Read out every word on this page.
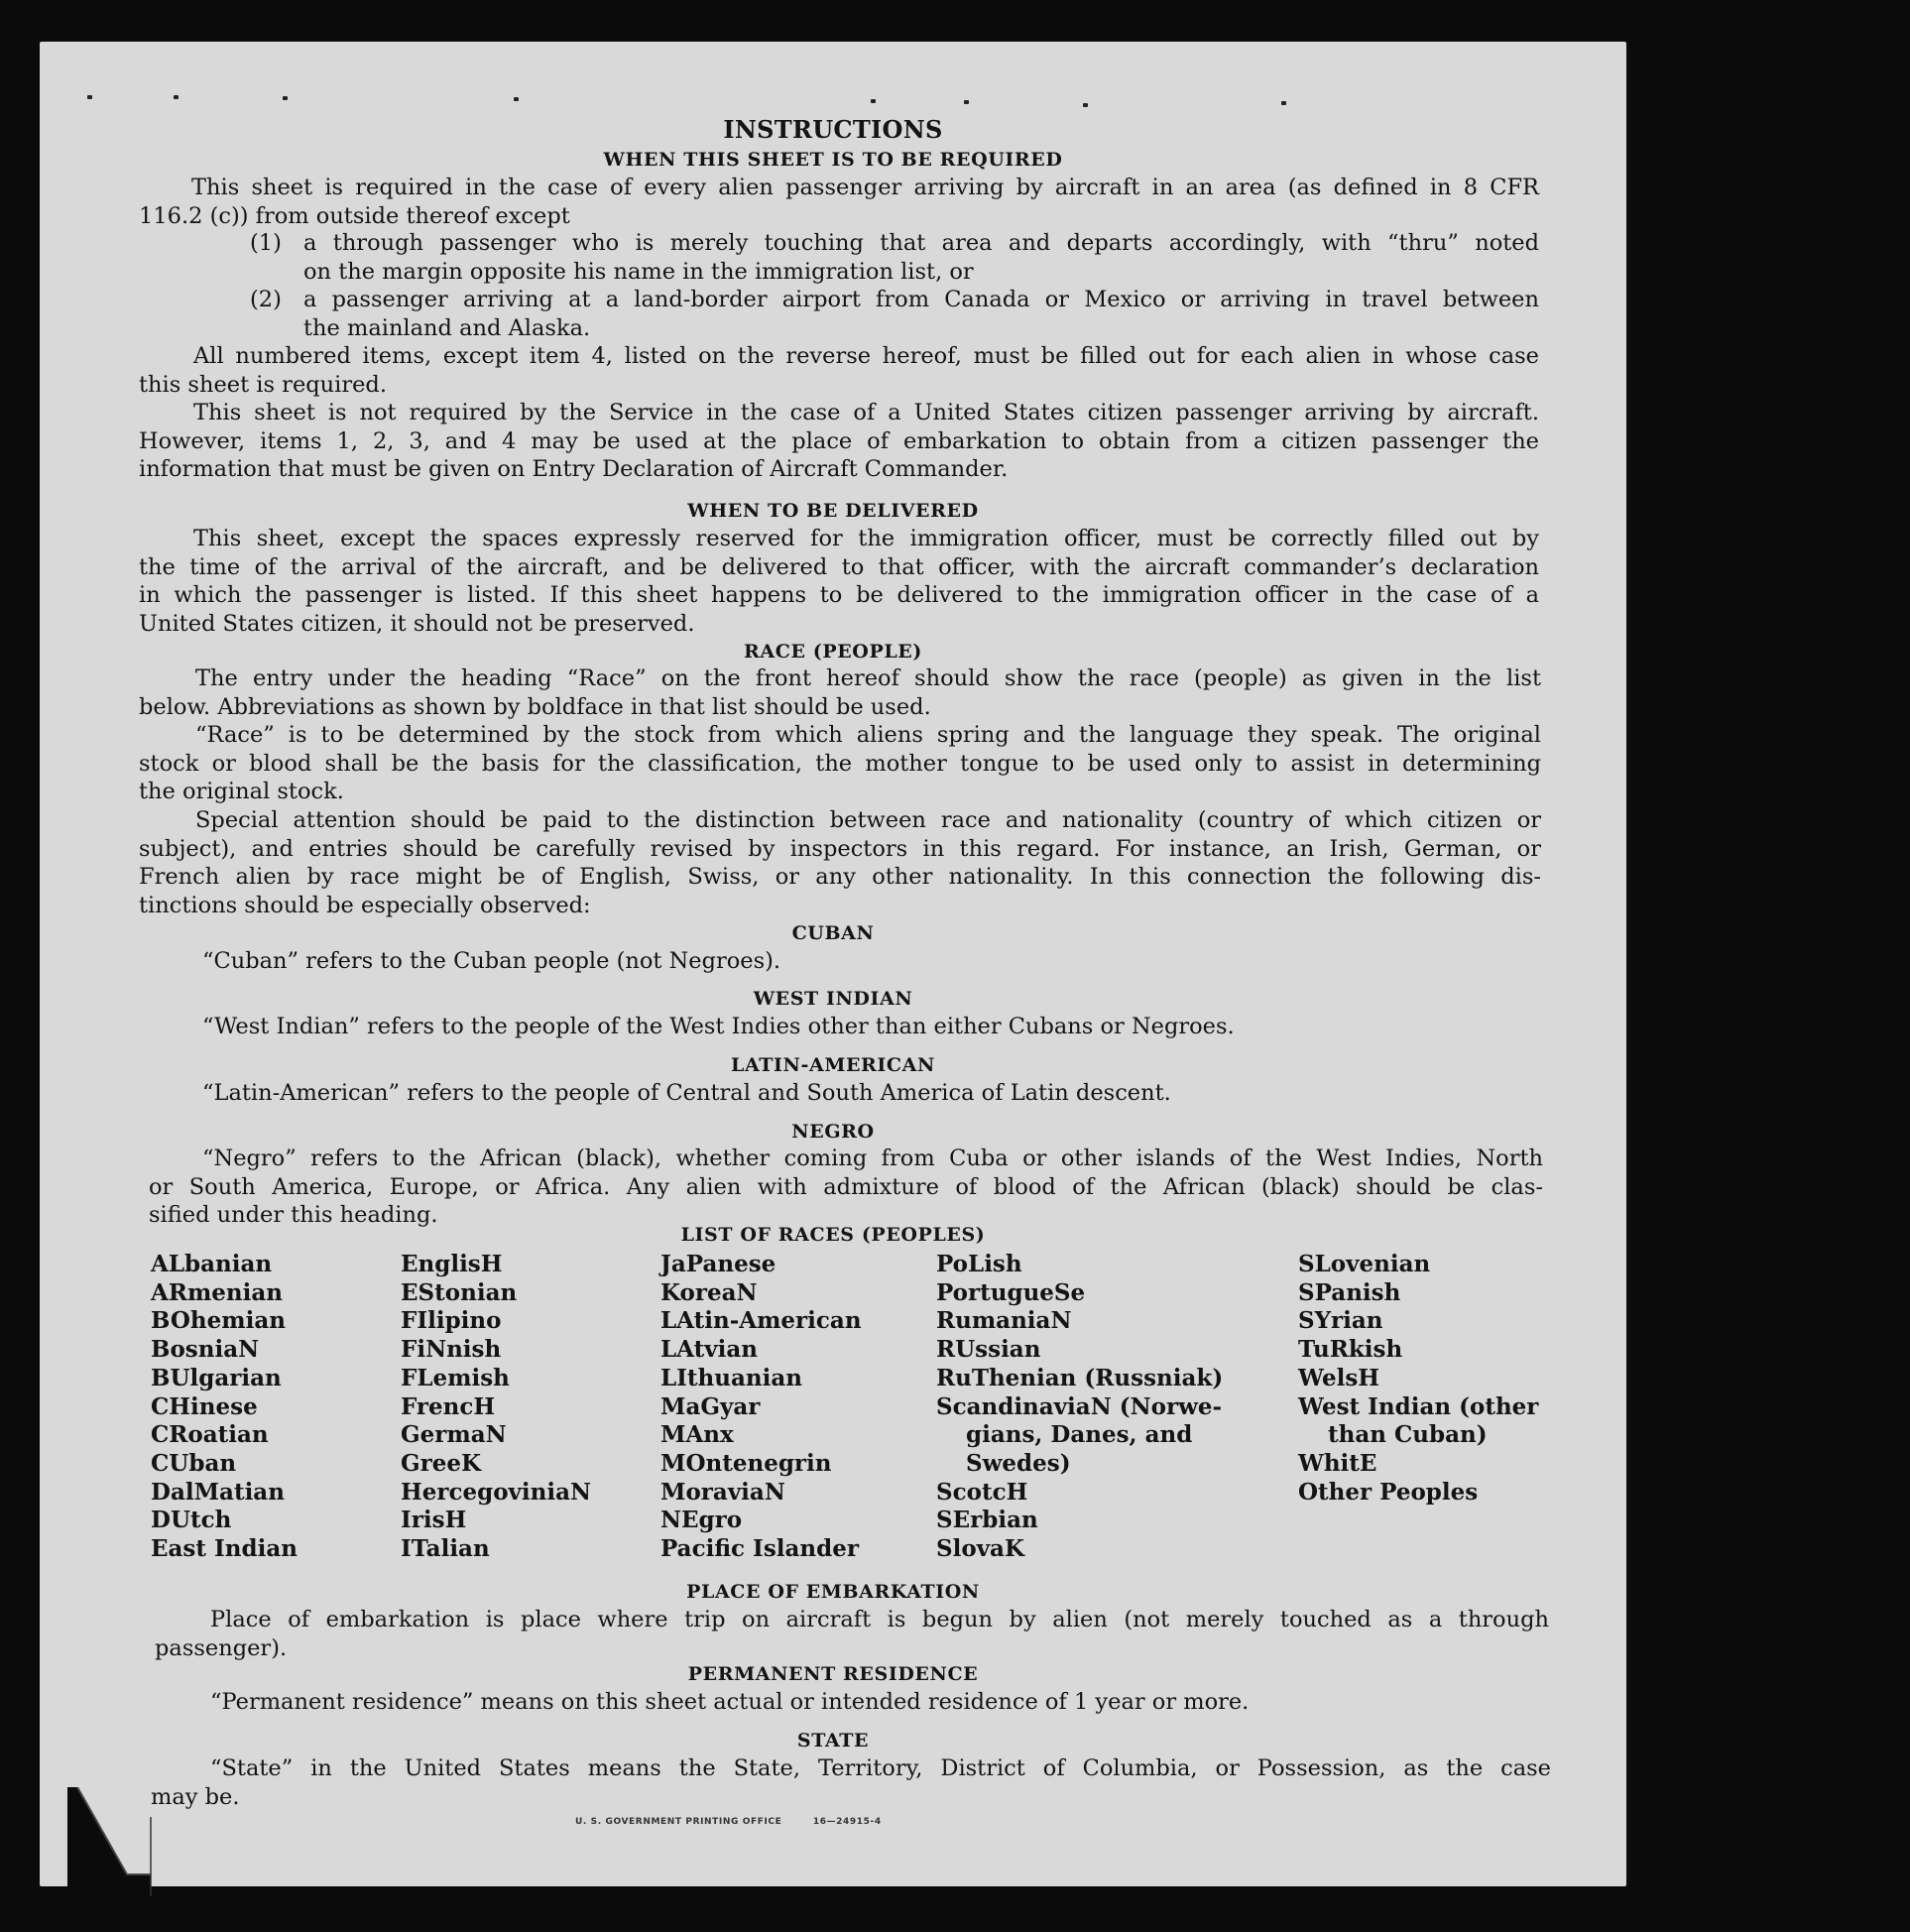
INSTRUCTIONS
WHEN THIS SHEET IS TO BE REQUIRED
This sheet is required in the case of every alien passenger arriving by aircraft in an area (as defined in 8 CFR
116.2 (c)) from outside thereof except
(1) a through passenger who is merely touching that area and departs accordingly, with “thru” noted
on the margin opposite his name in the immigration list, or
(2) a passenger arriving at a land-border airport from Canada or Mexico or arriving in travel between
the mainland and Alaska.
All numbered items, except item 4, listed on the reverse hereof, must be filled out for each alien in whose case
this sheet is required.
This sheet is not required by the Service in the case of a United States citizen passenger arriving by aircraft.
However, items 1, 2, 3, and 4 may be used at the place of embarkation to obtain from a citizen passenger the
information that must be given on Entry Declaration of Aircraft Commander.
WHEN TO BE DELIVERED
This sheet, except the spaces expressly reserved for the immigration officer, must be correctly filled out by
the time of the arrival of the aircraft, and be delivered to that officer, with the aircraft commander’s declaration
in which the passenger is listed. If this sheet happens to be delivered to the immigration officer in the case of a
United States citizen, it should not be preserved.
RACE (PEOPLE)
The entry under the heading “Race” on the front hereof should show the race (people) as given in the list
below. Abbreviations as shown by boldface in that list should be used.
“Race” is to be determined by the stock from which aliens spring and the language they speak. The original
stock or blood shall be the basis for the classification, the mother tongue to be used only to assist in determining
the original stock.
Special attention should be paid to the distinction between race and nationality (country of which citizen or
subject), and entries should be carefully revised by inspectors in this regard. For instance, an Irish, German, or
French alien by race might be of English, Swiss, or any other nationality. In this connection the following dis-
tinctions should be especially observed:
CUBAN
“Cuban” refers to the Cuban people (not Negroes).
WEST INDIAN
“West Indian” refers to the people of the West Indies other than either Cubans or Negroes.
LATIN-AMERICAN
“Latin-American” refers to the people of Central and South America of Latin descent.
NEGRO
“Negro” refers to the African (black), whether coming from Cuba or other islands of the West Indies, North
or South America, Europe, or Africa. Any alien with admixture of blood of the African (black) should be clas-
sified under this heading.
LIST OF RACES (PEOPLES)
ALbanian
ARmenian
BOhemian
BosniaN
BUlgarian
CHinese
CRoatian
CUban
DalMatian
DUtch
East Indian
EnglisH
EStonian
FIlipino
FiNnish
FLemish
FrencH
GermaN
GreeK
HercegoviniaN
IrisH
ITalian
JaPanese
KoreaN
LAtin-American
LAtvian
LIthuanian
MaGyar
MAnx
MOntenegrin
MoraviaN
NEgro
Pacific Islander
PoLish
PortugueSe
RumaniaN
RUssian
RuThenian (Russniak)
ScandinaviaN (Norwe-
gians, Danes, and
Swedes)
ScotcH
SErbian
SlovaK
SLovenian
SPanish
SYrian
TuRkish
WelsH
West Indian (other
than Cuban)
WhitE
Other Peoples
PLACE OF EMBARKATION
Place of embarkation is place where trip on aircraft is begun by alien (not merely touched as a through
passenger).
PERMANENT RESIDENCE
“Permanent residence” means on this sheet actual or intended residence of 1 year or more.
STATE
“State” in the United States means the State, Territory, District of Columbia, or Possession, as the case
may be.
U. S. GOVERNMENT PRINTING OFFICE	16—24915-4
